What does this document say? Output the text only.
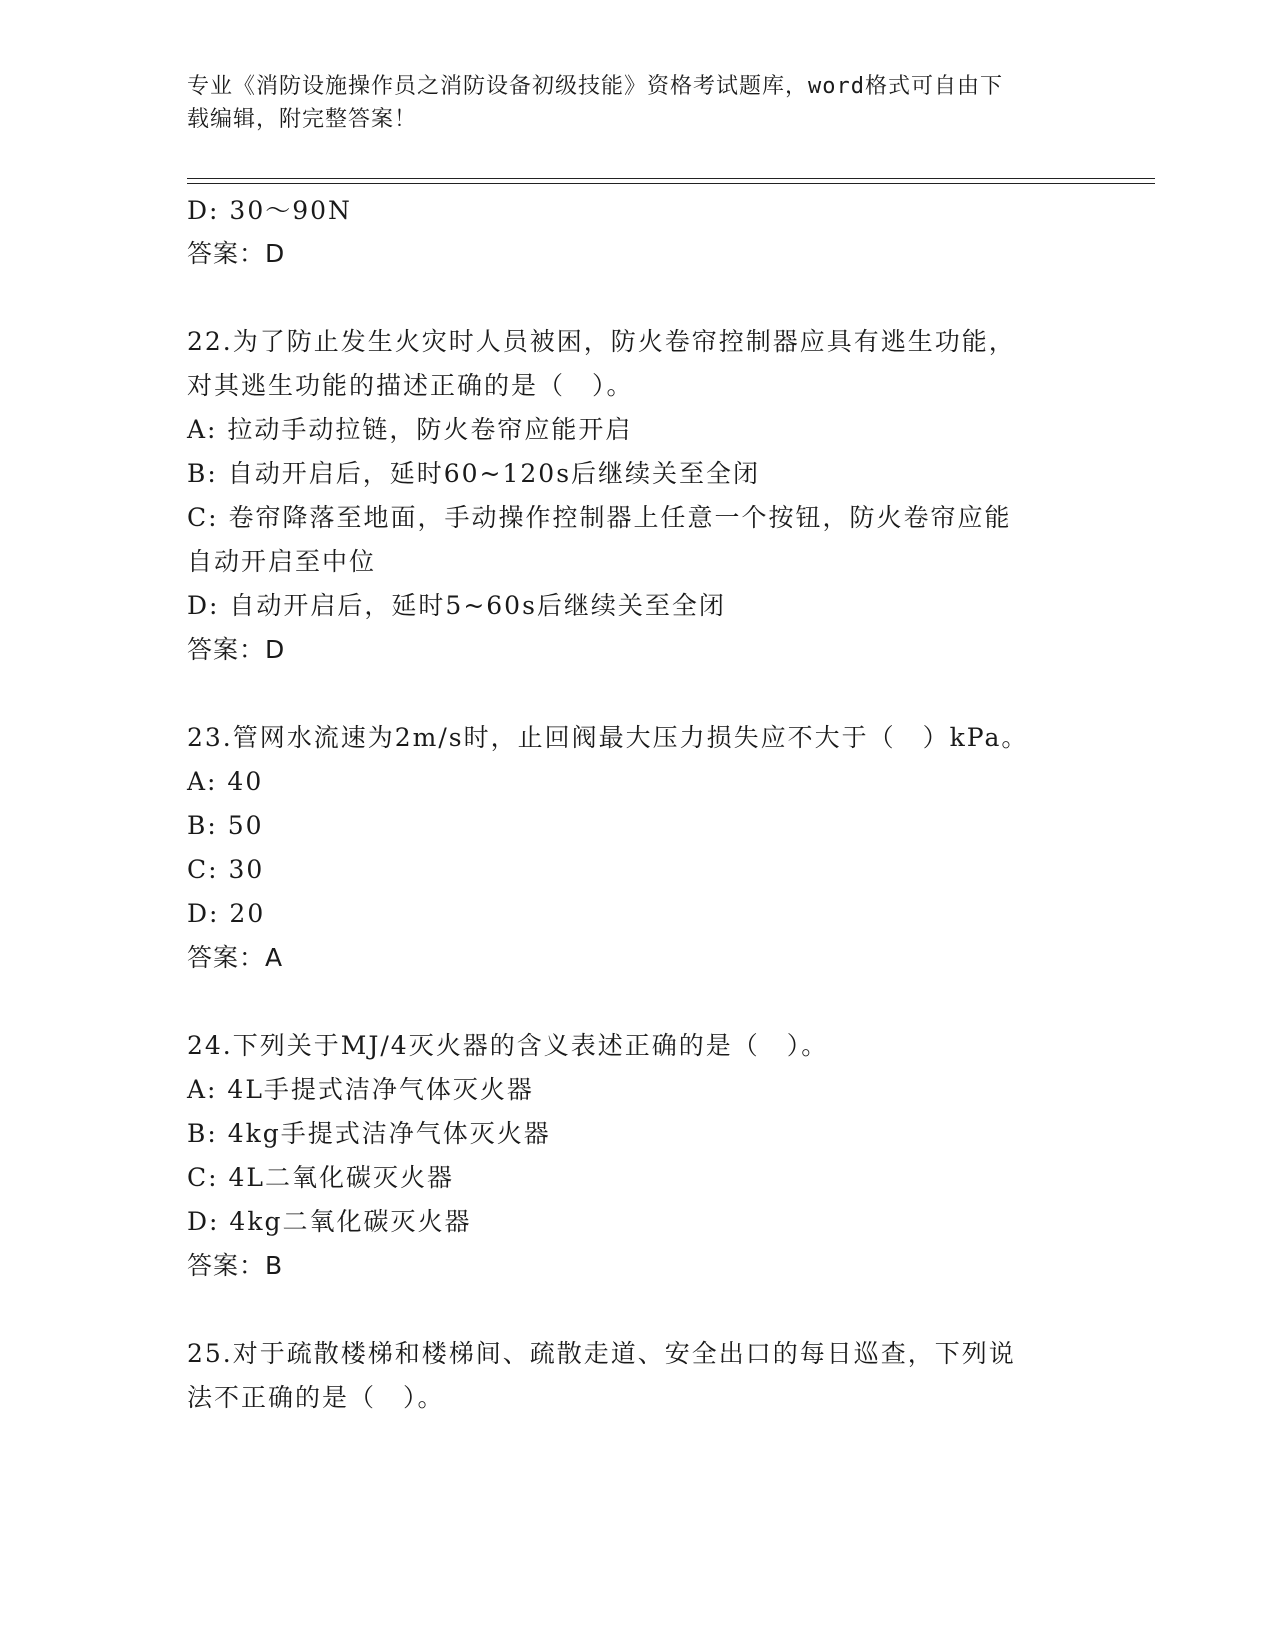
专业《消防设施操作员之消防设备初级技能》资格考试题库，word格式可自由下
载编辑，附完整答案！
D: 30～90N
答案：D
22.为了防止发生火灾时人员被困，防火卷帘控制器应具有逃生功能，
对其逃生功能的描述正确的是（　）。
A: 拉动手动拉链，防火卷帘应能开启
B: 自动开启后，延时60~120s后继续关至全闭
C: 卷帘降落至地面，手动操作控制器上任意一个按钮，防火卷帘应能
自动开启至中位
D: 自动开启后，延时5~60s后继续关至全闭
答案：D
23.管网水流速为2m/s时，止回阀最大压力损失应不大于（　）kPa。
A: 40
B: 50
C: 30
D: 20
答案：A
24.下列关于MJ/4灭火器的含义表述正确的是（　）。
A: 4L手提式洁净气体灭火器
B: 4kg手提式洁净气体灭火器
C: 4L二氧化碳灭火器
D: 4kg二氧化碳灭火器
答案：B
25.对于疏散楼梯和楼梯间、疏散走道、安全出口的每日巡查，下列说
法不正确的是（　）。
